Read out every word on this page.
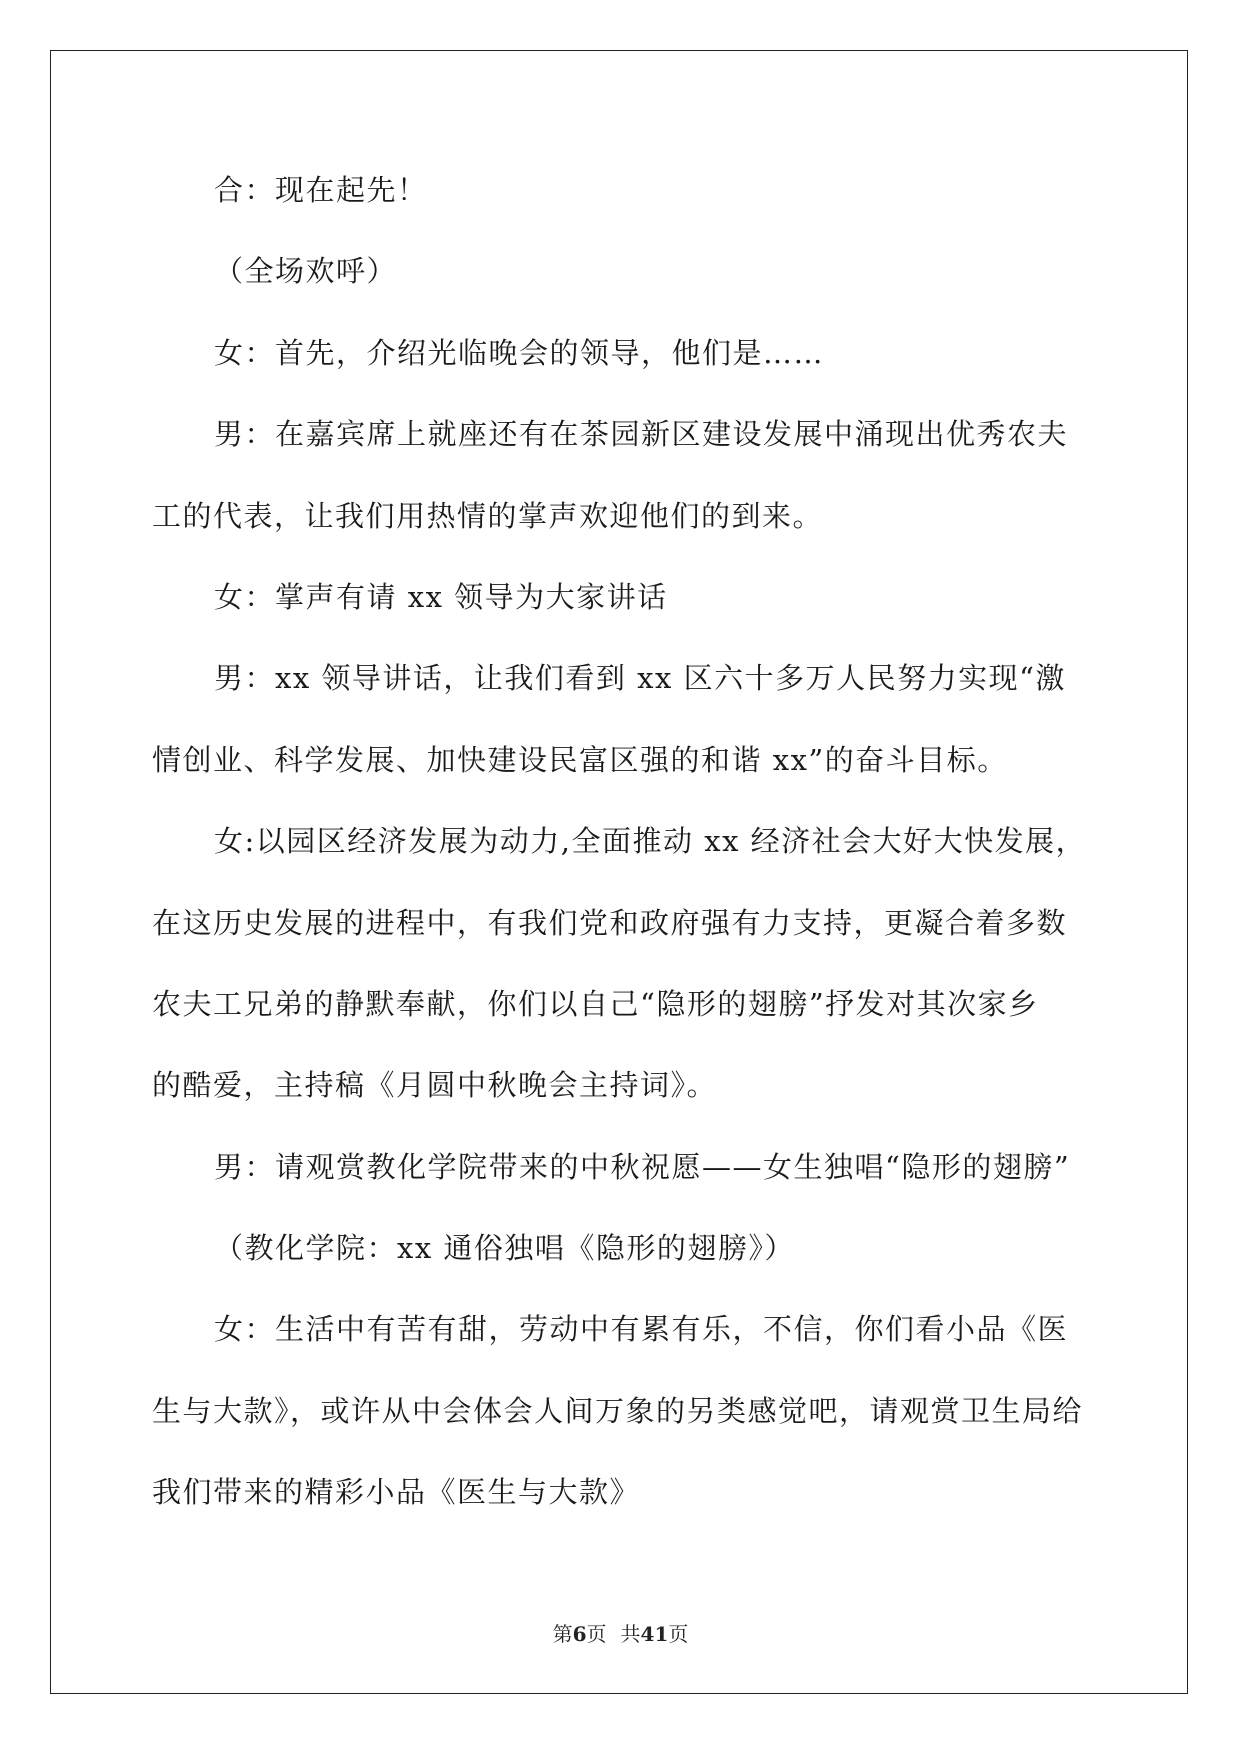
合：现在起先！
（全场欢呼）
女：首先，介绍光临晚会的领导，他们是……
男：在嘉宾席上就座还有在茶园新区建设发展中涌现出优秀农夫
工的代表，让我们用热情的掌声欢迎他们的到来。
女：掌声有请 xx 领导为大家讲话
男：xx 领导讲话，让我们看到 xx 区六十多万人民努力实现“激
情创业、科学发展、加快建设民富区强的和谐 xx”的奋斗目标。
女:以园区经济发展为动力,全面推动 xx 经济社会大好大快发展，
在这历史发展的进程中，有我们党和政府强有力支持，更凝合着多数
农夫工兄弟的静默奉献，你们以自己“隐形的翅膀”抒发对其次家乡
的酷爱，主持稿《月圆中秋晚会主持词》。
男：请观赏教化学院带来的中秋祝愿——女生独唱“隐形的翅膀”
（教化学院：xx 通俗独唱《隐形的翅膀》）
女：生活中有苦有甜，劳动中有累有乐，不信，你们看小品《医
生与大款》，或许从中会体会人间万象的另类感觉吧，请观赏卫生局给
我们带来的精彩小品《医生与大款》
第6页 共41页
